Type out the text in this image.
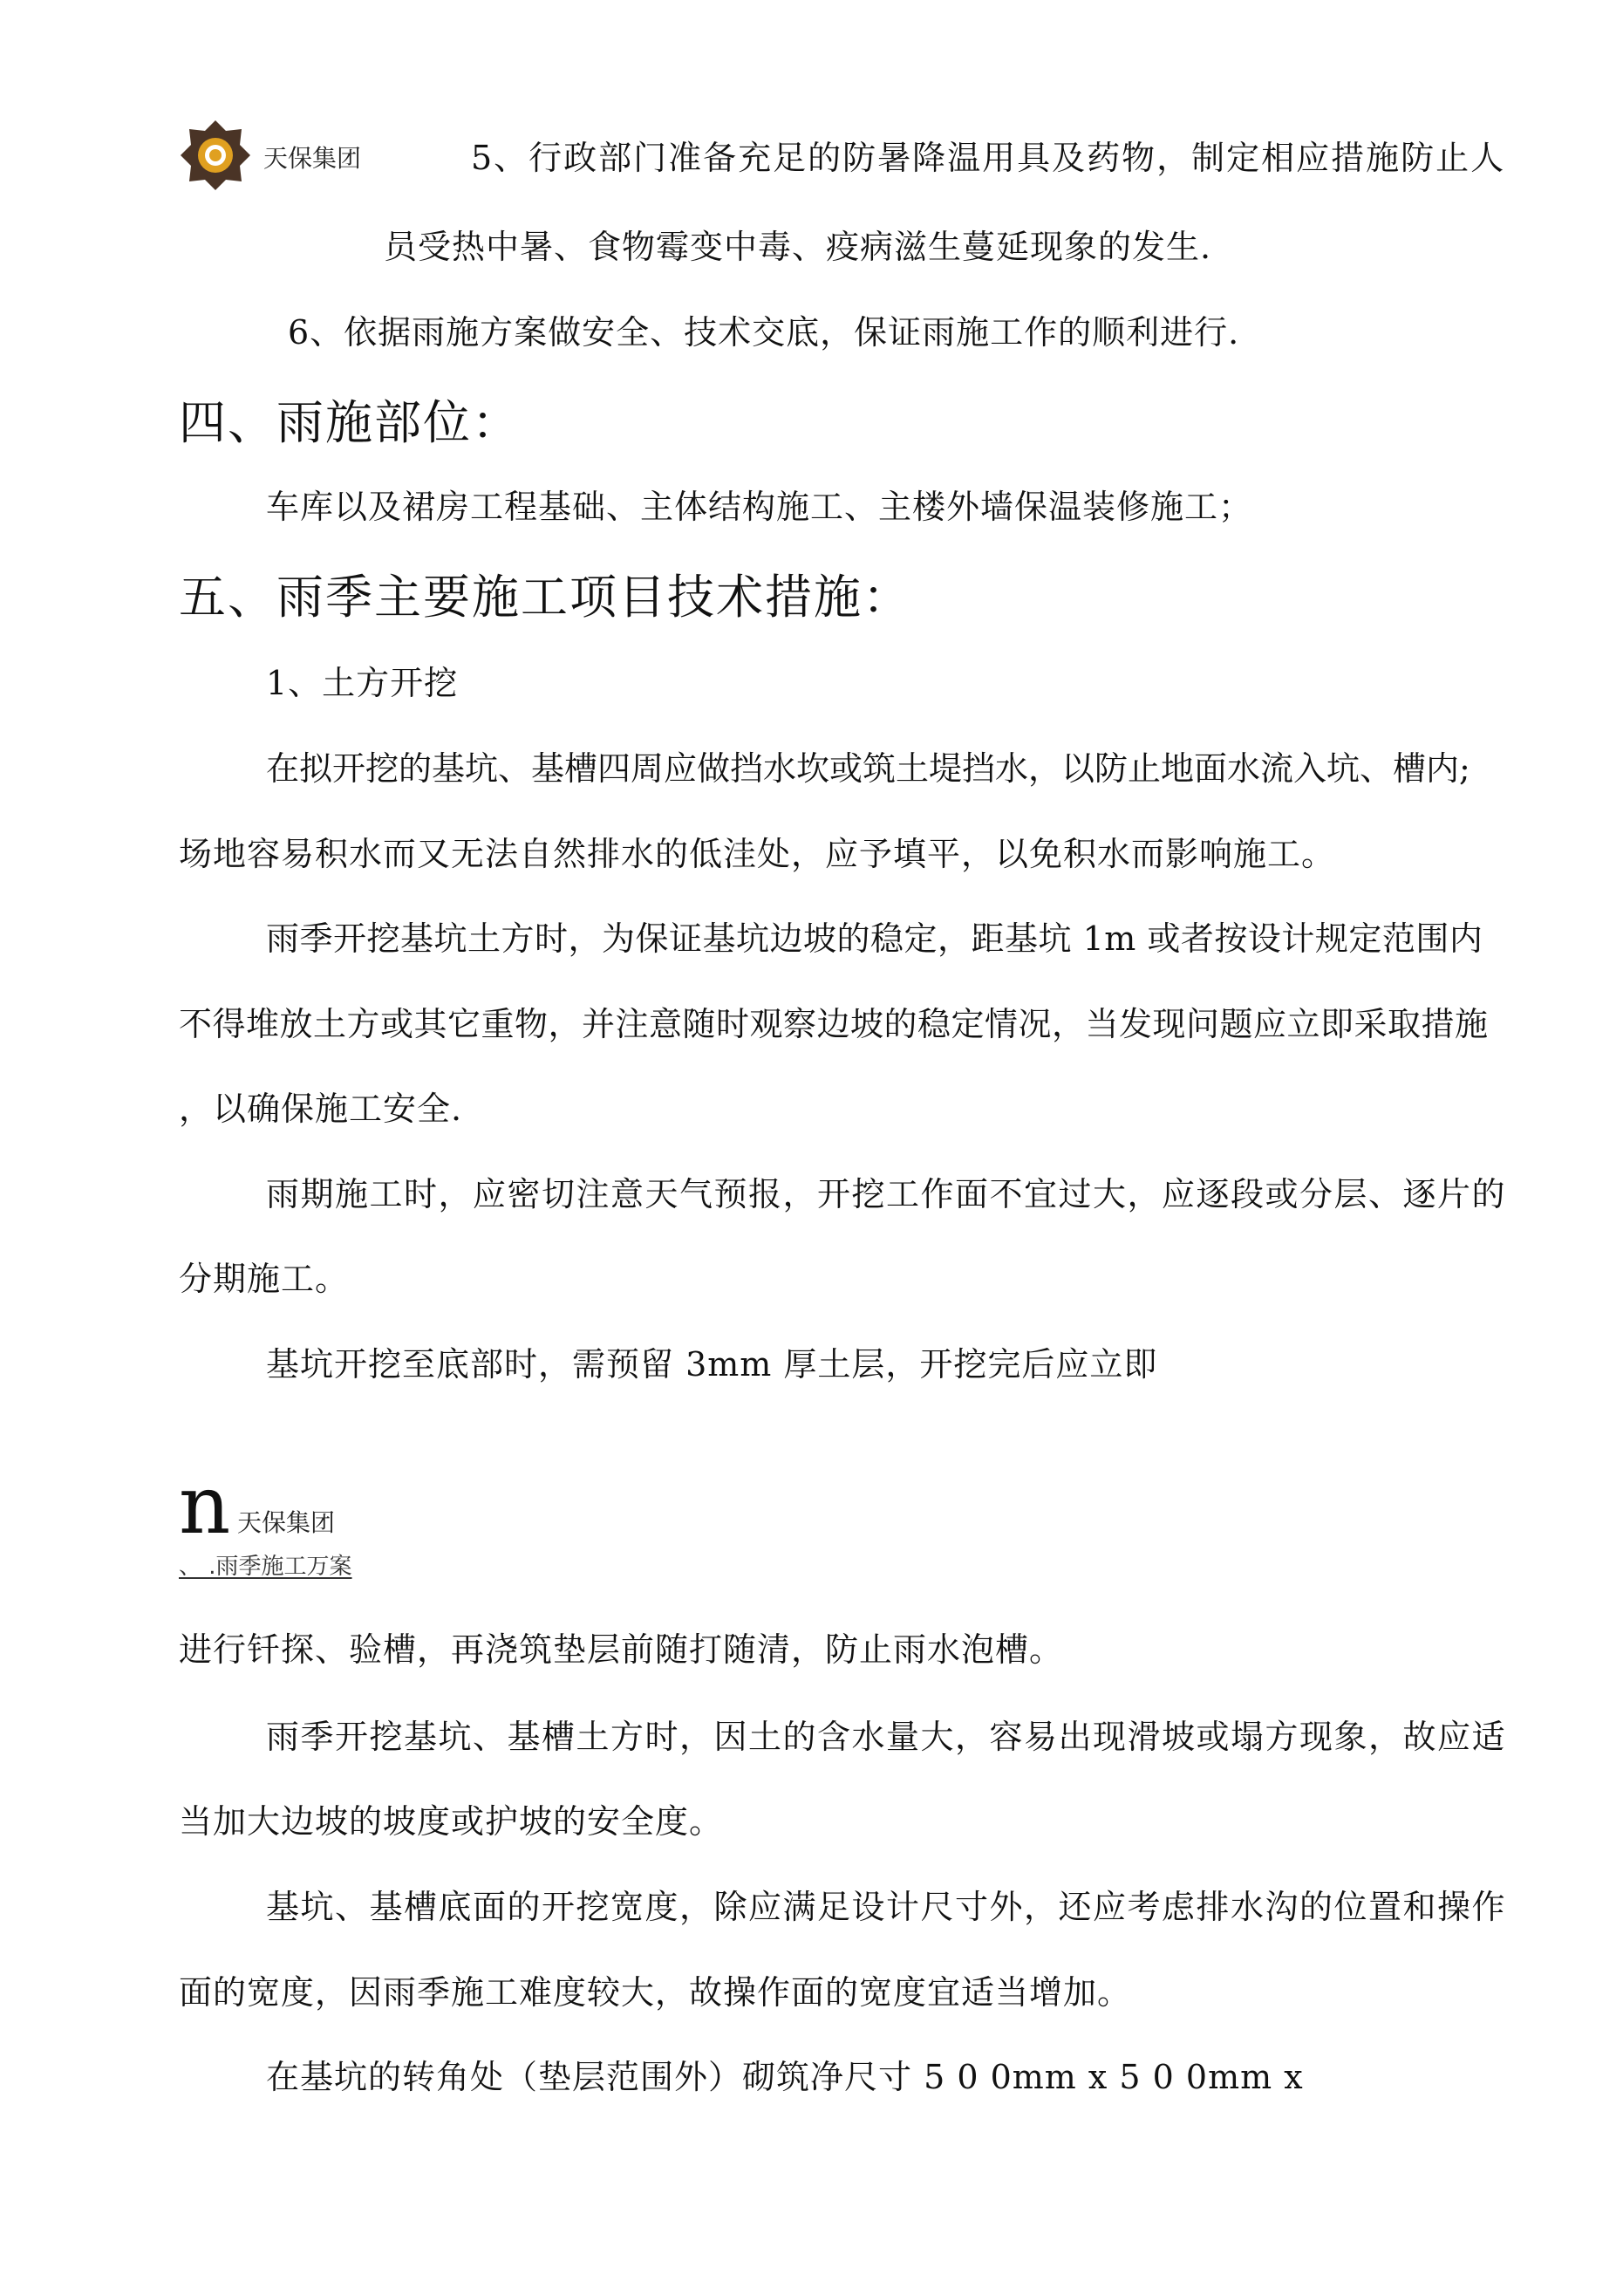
天保集团	5、行政部门准备充足的防暑降温用具及药物，制定相应措施防止人
员受热中暑、食物霉变中毒、疫病滋生蔓延现象的发生.
6、依据雨施方案做安全、技术交底，保证雨施工作的顺利进行.
四、雨施部位：
车库以及裙房工程基础、主体结构施工、主楼外墙保温装修施工；
五、雨季主要施工项目技术措施：
1、土方开挖
在拟开挖的基坑、基槽四周应做挡水坎或筑土堤挡水，以防止地面水流入坑、槽内;
场地容易积水而又无法自然排水的低洼处，应予填平，以免积水而影响施工。
雨季开挖基坑土方时，为保证基坑边坡的稳定，距基坑 1m 或者按设计规定范围内
不得堆放土方或其它重物，并注意随时观察边坡的稳定情况，当发现问题应立即采取措施
，以确保施工安全.
雨期施工时，应密切注意天气预报，开挖工作面不宜过大，应逐段或分层、逐片的
分期施工。
基坑开挖至底部时，需预留 3mm 厚土层，开挖完后应立即
n 天保集团
、 .雨季施工万案
进行钎探、验槽，再浇筑垫层前随打随清，防止雨水泡槽。
雨季开挖基坑、基槽土方时，因土的含水量大，容易出现滑坡或塌方现象，故应适
当加大边坡的坡度或护坡的安全度。
基坑、基槽底面的开挖宽度，除应满足设计尺寸外，还应考虑排水沟的位置和操作
面的宽度，因雨季施工难度较大，故操作面的宽度宜适当增加。
在基坑的转角处（垫层范围外）砌筑净尺寸 5 0 0mm x 5 0 0mm x
